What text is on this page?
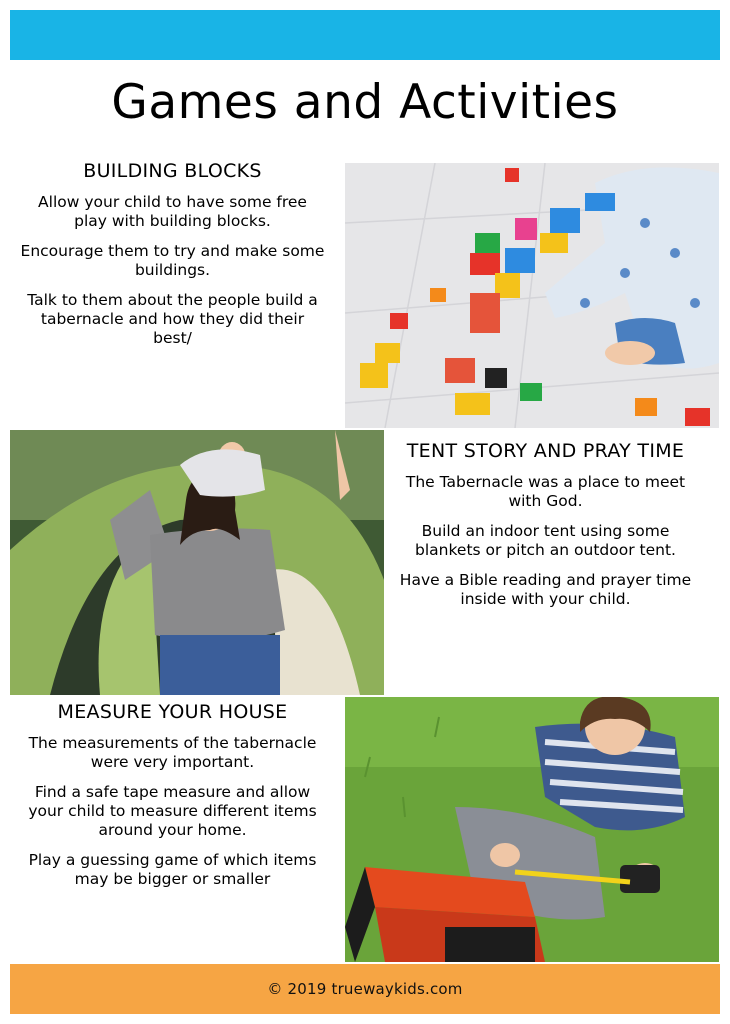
Games and Activities
BUILDING BLOCKS

Allow your child to have some free play with building blocks.

Encourage them to try and make some buildings.

Talk to them about the people build a tabernacle and how they did their best/

TENT STORY AND PRAY TIME

The Tabernacle was a place to meet with God.

Build an indoor tent using some blankets or pitch an outdoor tent.

Have a Bible reading and prayer time inside with your child.

MEASURE YOUR HOUSE

The measurements of the tabernacle were very important.

Find a safe tape measure and allow your child to measure different items around your home.

Play a guessing game of which items may be bigger or smaller

© 2019 truewaykids.com
